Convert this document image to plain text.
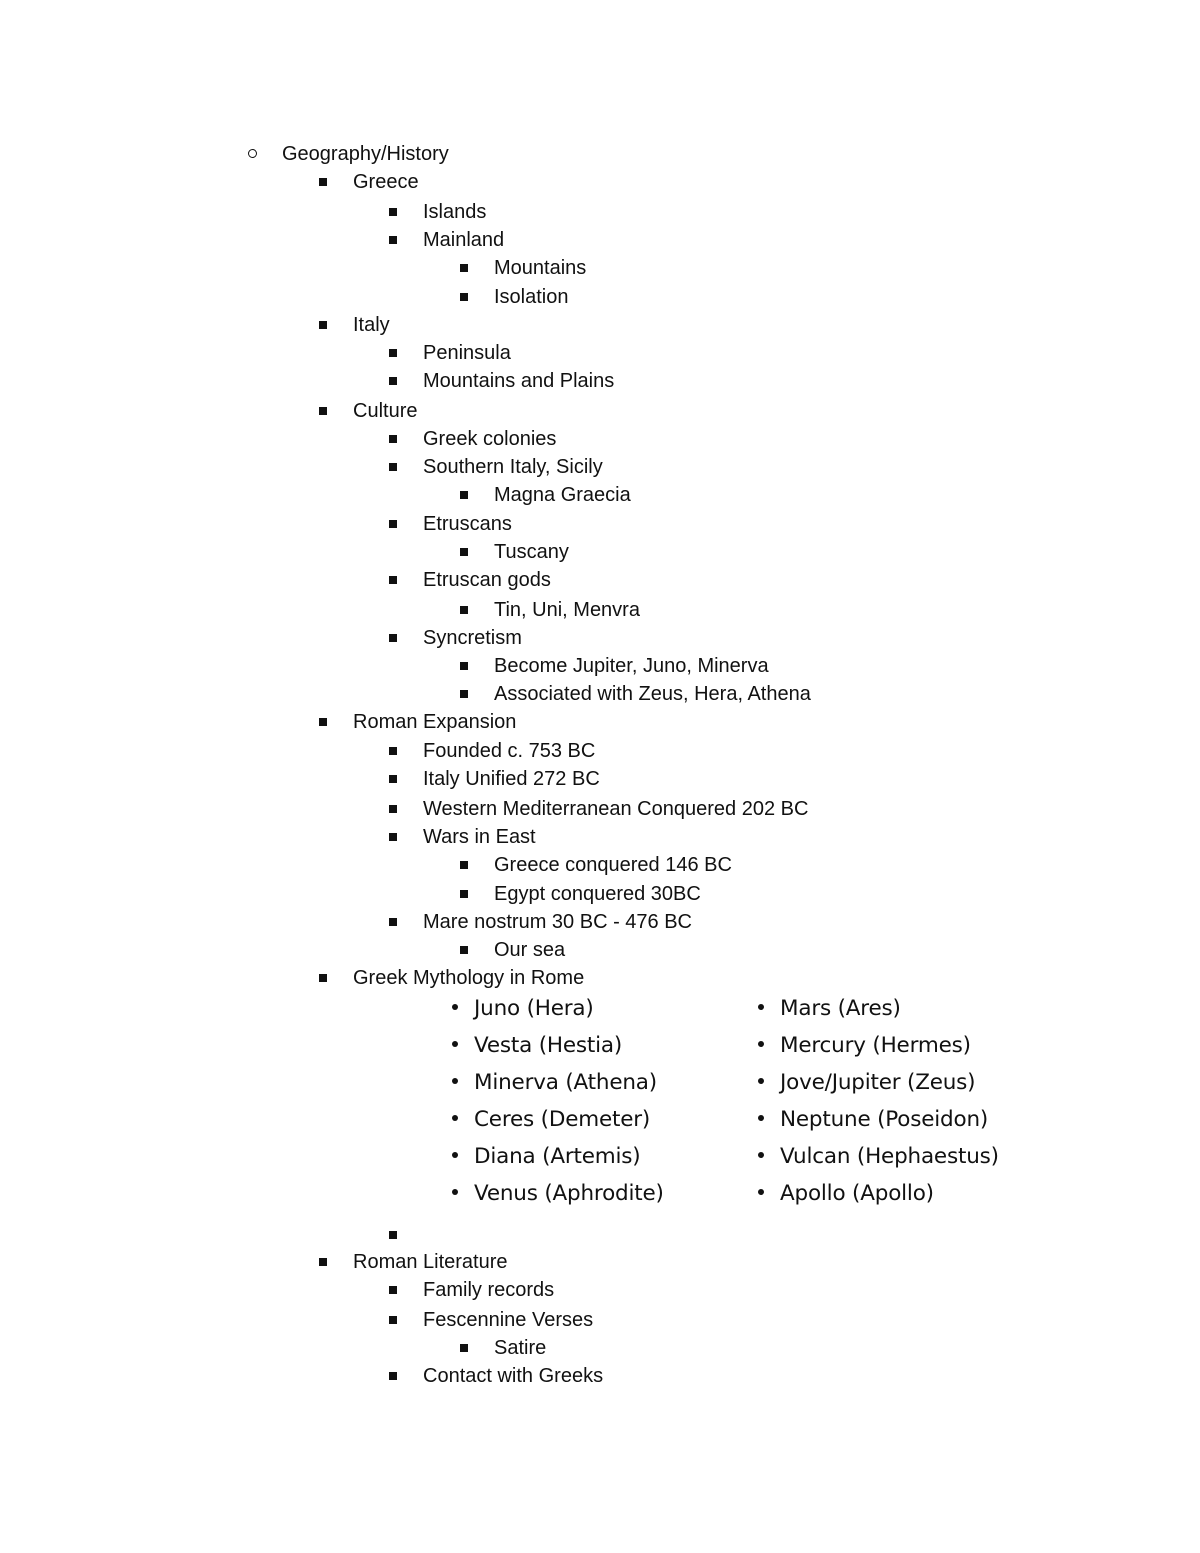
Geography/History
Greece
Islands
Mainland
Mountains
Isolation
Italy
Peninsula
Mountains and Plains
Culture
Greek colonies
Southern Italy, Sicily
Magna Graecia
Etruscans
Tuscany
Etruscan gods
Tin, Uni, Menvra
Syncretism
Become Jupiter, Juno, Minerva
Associated with Zeus, Hera, Athena
Roman Expansion
Founded c. 753 BC
Italy Unified 272 BC
Western Mediterranean Conquered 202 BC
Wars in East
Greece conquered 146 BC
Egypt conquered 30BC
Mare nostrum 30 BC - 476 BC
Our sea
Greek Mythology in Rome
Juno (Hera)
Vesta (Hestia)
Minerva (Athena)
Ceres (Demeter)
Diana (Artemis)
Venus (Aphrodite)
Mars (Ares)
Mercury (Hermes)
Jove/Jupiter (Zeus)
Neptune (Poseidon)
Vulcan (Hephaestus)
Apollo (Apollo)
Roman Literature
Family records
Fescennine Verses
Satire
Contact with Greeks
